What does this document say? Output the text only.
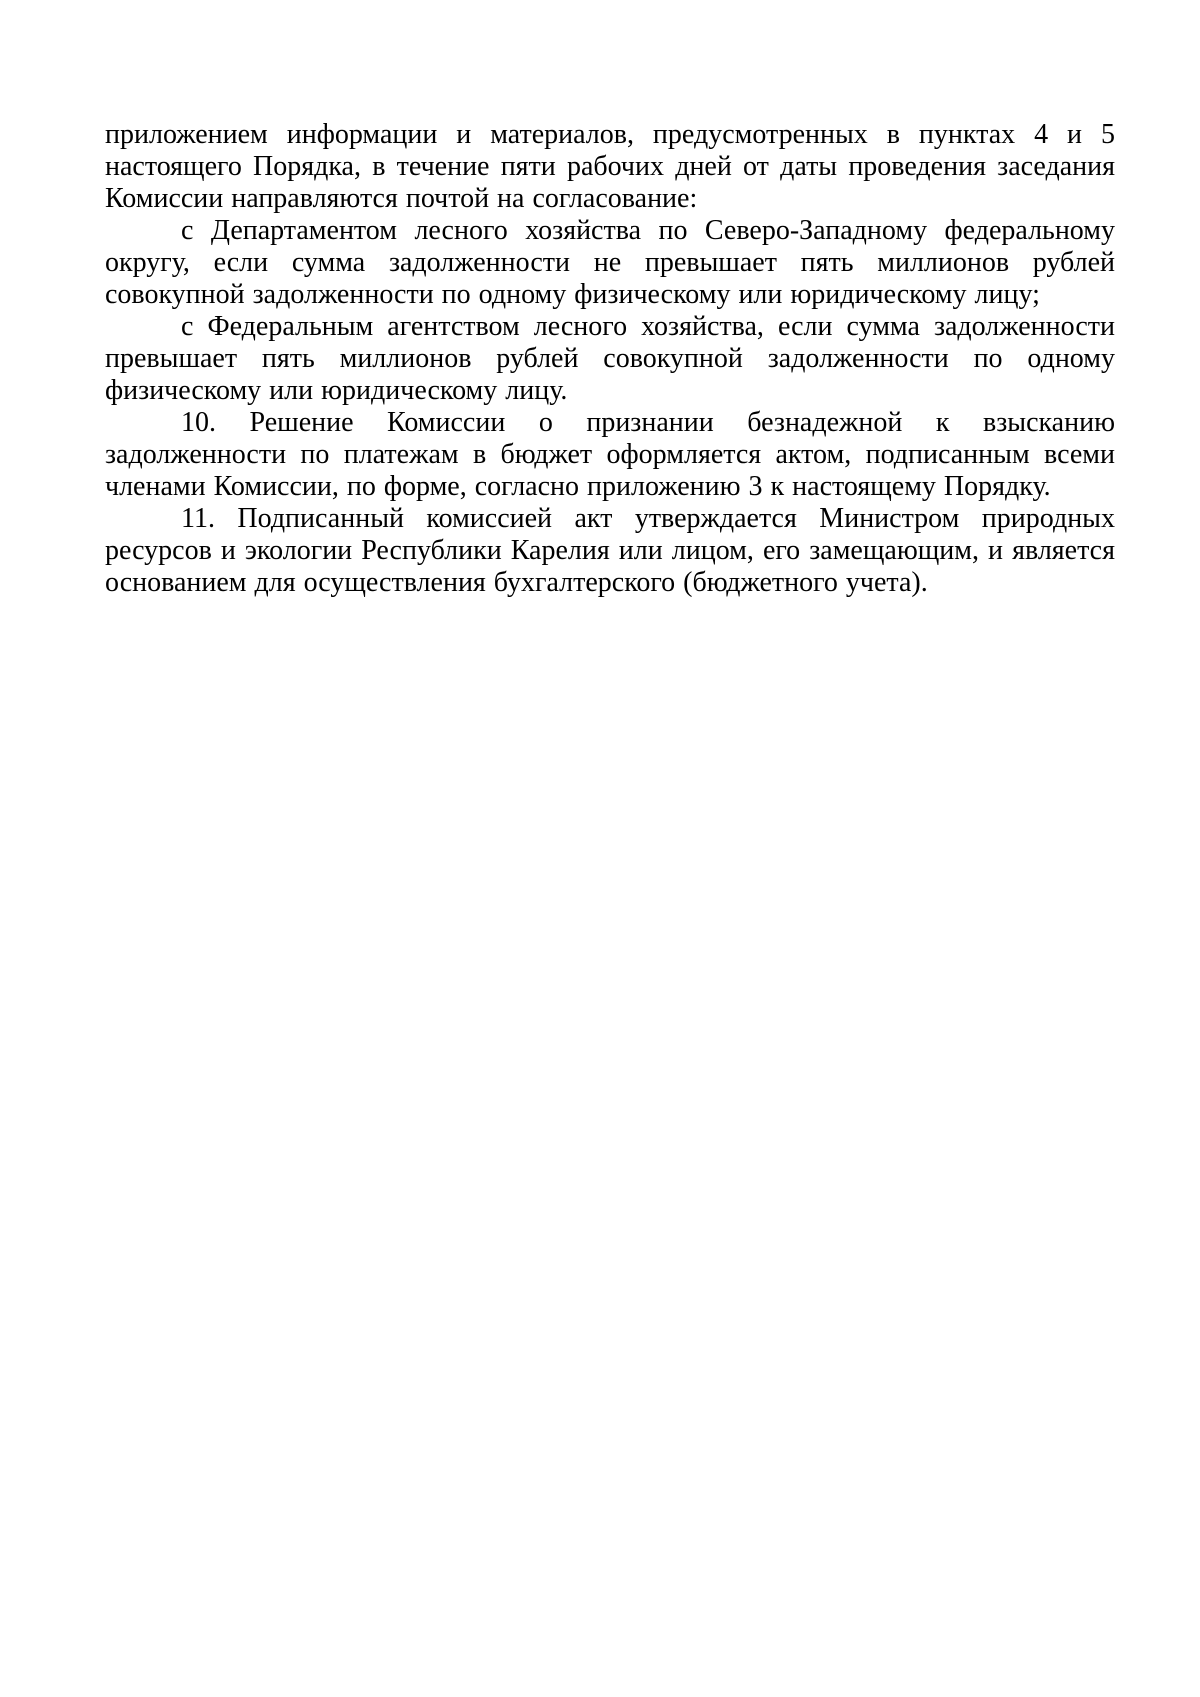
приложением информации и материалов, предусмотренных в пунктах 4 и 5 настоящего Порядка, в течение пяти рабочих дней от даты проведения заседания Комиссии направляются почтой на согласование:

с Департаментом лесного хозяйства по Северо-Западному федеральному округу, если сумма задолженности не превышает пять миллионов рублей совокупной задолженности по одному физическому или юридическому лицу;

с Федеральным агентством лесного хозяйства, если сумма задолженности превышает пять миллионов рублей совокупной задолженности по одному физическому или юридическому лицу.

10. Решение Комиссии о признании безнадежной к взысканию задолженности по платежам в бюджет оформляется актом, подписанным всеми членами Комиссии, по форме, согласно приложению 3 к настоящему Порядку.

11. Подписанный комиссией акт утверждается Министром природных ресурсов и экологии Республики Карелия или лицом, его замещающим, и является основанием для осуществления бухгалтерского (бюджетного учета).
